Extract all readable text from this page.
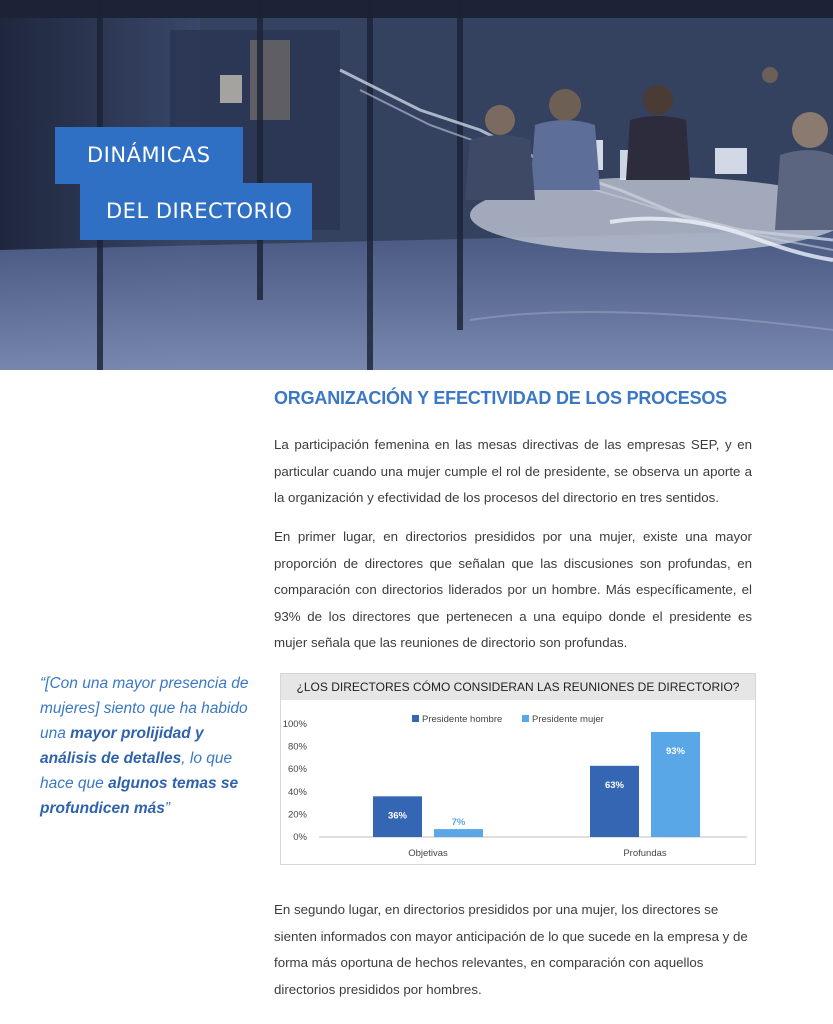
DINÁMICAS
DEL DIRECTORIO
ORGANIZACIÓN Y EFECTIVIDAD DE LOS PROCESOS

La participación femenina en las mesas directivas de las empresas SEP, y en particular cuando una mujer cumple el rol de presidente, se observa un aporte a la organización y efectividad de los procesos del directorio en tres sentidos.

En primer lugar, en directorios presididos por una mujer, existe una mayor proporción de directores que señalan que las discusiones son profundas, en comparación con directorios liderados por un hombre. Más específicamente, el 93% de los directores que pertenecen a una equipo donde el presidente es mujer señala que las reuniones de directorio son profundas.

“[Con una mayor presencia de mujeres] siento que ha habido una mayor prolijidad y análisis de detalles, lo que hace que algunos temas se profundicen más”
¿LOS DIRECTORES CÓMO CONSIDERAN LAS REUNIONES DE DIRECTORIO?
0%
20%
40%
60%
80%
100%	Presidente hombre	Presidente mujer
36%
7%
Objetivas
63%
93%
Profundas

En segundo lugar, en directorios presididos por una mujer, los directores se sienten informados con mayor anticipación de lo que sucede en la empresa y de forma más oportuna de hechos relevantes, en comparación con aquellos directorios presididos por hombres.
